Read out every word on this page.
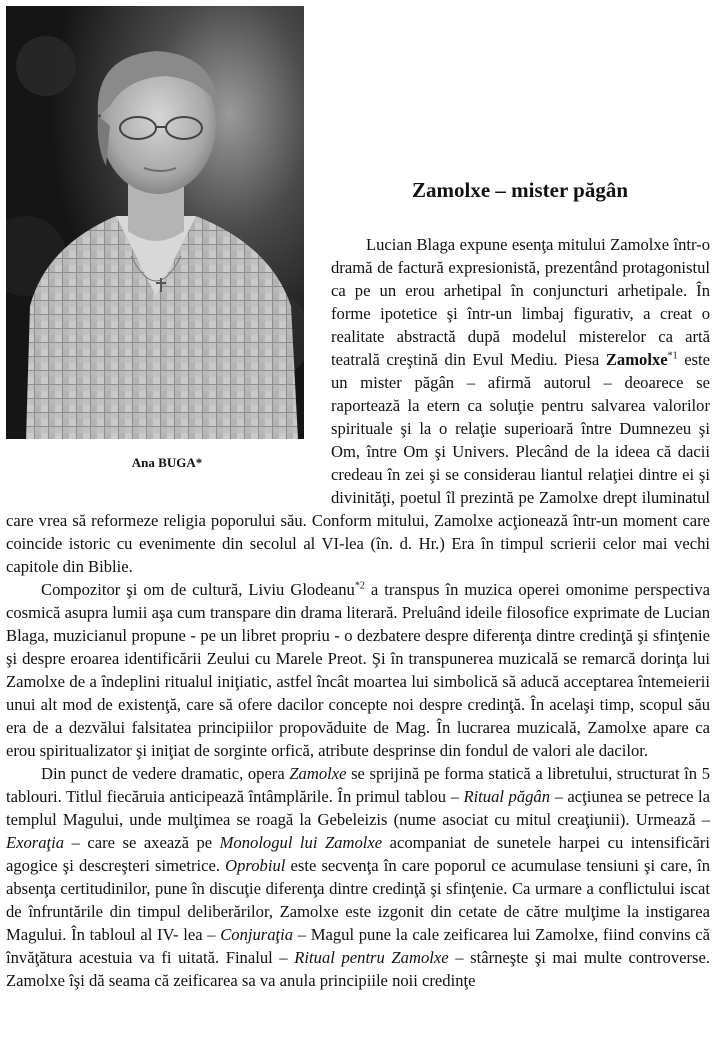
Ana BUGA*
Zamolxe – mister păgân

Lucian Blaga expune esenţa mitului Zamolxe într-o dramă de factură expresionistă, prezentând protagonistul ca pe un erou arhetipal în conjuncturi arhetipale. În forme ipotetice şi într-un limbaj figurativ, a creat o realitate abstractă după modelul misterelor ca artă teatrală creştină din Evul Mediu. Piesa Zamolxe$^{*1}$ este un mister păgân – afirmă autorul – deoarece se raportează la etern ca soluţie pentru salvarea valorilor spirituale şi la o relaţie superioară între Dumnezeu şi Om, între Om şi Univers. Plecând de la ideea că dacii credeau în zei şi se considerau liantul relaţiei dintre ei şi divinităţi, poetul îl prezintă pe Zamolxe drept iluminatul care vrea să reformeze religia poporului său. Conform mitului, Zamolxe acţionează într-un moment care coincide istoric cu evenimente din secolul al VI-lea (în. d. Hr.) Era în timpul scrierii celor mai vechi capitole din Biblie.

Compozitor şi om de cultură, Liviu Glodeanu$^{*2}$ a transpus în muzica operei omonime perspectiva cosmică asupra lumii aşa cum transpare din drama literară. Preluând ideile filosofice exprimate de Lucian Blaga, muzicianul propune - pe un libret propriu - o dezbatere despre diferenţa dintre credinţă şi sfinţenie şi despre eroarea identificării Zeului cu Marele Preot. Şi în transpunerea muzicală se remarcă dorinţa lui Zamolxe de a îndeplini ritualul iniţiatic, astfel încât moartea lui simbolică să aducă acceptarea întemeierii unui alt mod de existenţă, care să ofere dacilor concepte noi despre credinţă. În acelaşi timp, scopul său era de a dezvălui falsitatea principiilor propovăduite de Mag. În lucrarea muzicală, Zamolxe apare ca erou spiritualizator şi iniţiat de sorginte orfică, atribute desprinse din fondul de valori ale dacilor.

Din punct de vedere dramatic, opera Zamolxe se sprijină pe forma statică a libretului, structurat în 5 tablouri. Titlul fiecăruia anticipează întâmplările. În primul tablou – Ritual păgân – acţiunea se petrece la templul Magului, unde mulţimea se roagă la Gebeleizis (nume asociat cu mitul creaţiunii). Urmează – Exoraţia – care se axează pe Monologul lui Zamolxe acompaniat de sunetele harpei cu intensificări agogice şi descreşteri simetrice. Oprobiul este secvenţa în care poporul ce acumulase tensiuni şi care, în absenţa certitudinilor, pune în discuţie diferenţa dintre credinţă şi sfinţenie. Ca urmare a conflictului iscat de înfruntările din timpul deliberărilor, Zamolxe este izgonit din cetate de către mulţime la instigarea Magului. În tabloul al IV- lea – Conjuraţia – Magul pune la cale zeificarea lui Zamolxe, fiind convins că învăţătura acestuia va fi uitată. Finalul – Ritual pentru Zamolxe – stârneşte şi mai multe controverse. Zamolxe îşi dă seama că zeificarea sa va anula principiile noii credinţe
